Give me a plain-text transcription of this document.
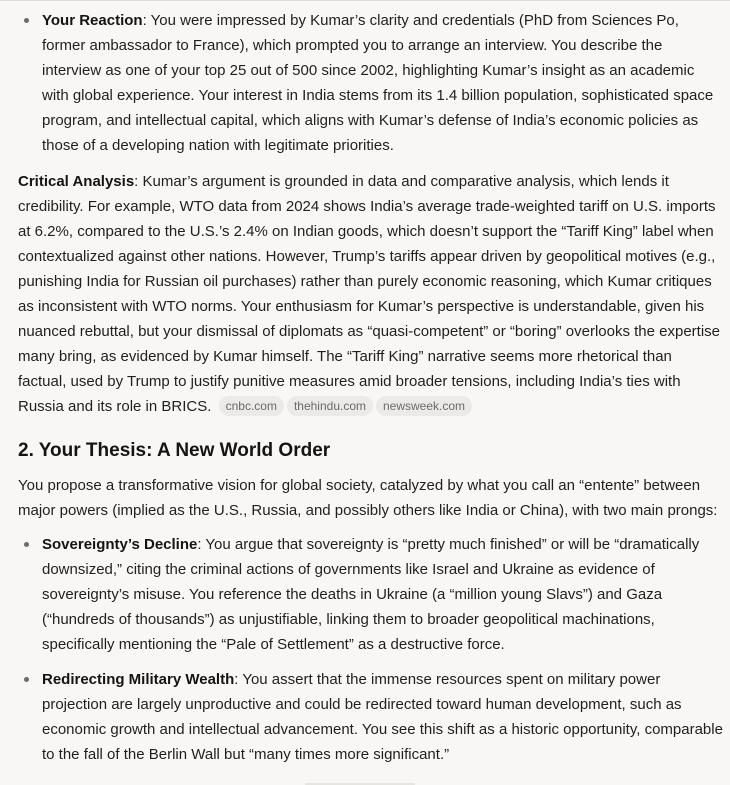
Your Reaction: You were impressed by Kumar’s clarity and credentials (PhD from Sciences Po, former ambassador to France), which prompted you to arrange an interview. You describe the interview as one of your top 25 out of 500 since 2002, highlighting Kumar’s insight as an academic with global experience. Your interest in India stems from its 1.4 billion population, sophisticated space program, and intellectual capital, which aligns with Kumar’s defense of India’s economic policies as those of a developing nation with legitimate priorities.

Critical Analysis: Kumar’s argument is grounded in data and comparative analysis, which lends it credibility. For example, WTO data from 2024 shows India’s average trade-weighted tariff on U.S. imports at 6.2%, compared to the U.S.’s 2.4% on Indian goods, which doesn’t support the “Tariff King” label when contextualized against other nations. However, Trump’s tariffs appear driven by geopolitical motives (e.g., punishing India for Russian oil purchases) rather than purely economic reasoning, which Kumar critiques as inconsistent with WTO norms. Your enthusiasm for Kumar’s perspective is understandable, given his nuanced rebuttal, but your dismissal of diplomats as “quasi-competent” or “boring” overlooks the expertise many bring, as evidenced by Kumar himself. The “Tariff King” narrative seems more rhetorical than factual, used by Trump to justify punitive measures amid broader tensions, including India’s ties with Russia and its role in BRICS. cnbc.com thehindu.com newsweek.com

2. Your Thesis: A New World Order

You propose a transformative vision for global society, catalyzed by what you call an “entente” between major powers (implied as the U.S., Russia, and possibly others like India or China), with two main prongs:

Sovereignty’s Decline: You argue that sovereignty is “pretty much finished” or will be “dramatically downsized,” citing the criminal actions of governments like Israel and Ukraine as evidence of sovereignty’s misuse. You reference the deaths in Ukraine (a “million young Slavs”) and Gaza (“hundreds of thousands”) as unjustifiable, linking them to broader geopolitical machinations, specifically mentioning the “Pale of Settlement” as a destructive force.

Redirecting Military Wealth: You assert that the immense resources spent on military power projection are largely unproductive and could be redirected toward human development, such as economic growth and intellectual advancement. You see this shift as a historic opportunity, comparable to the fall of the Berlin Wall but “many times more significant.”
